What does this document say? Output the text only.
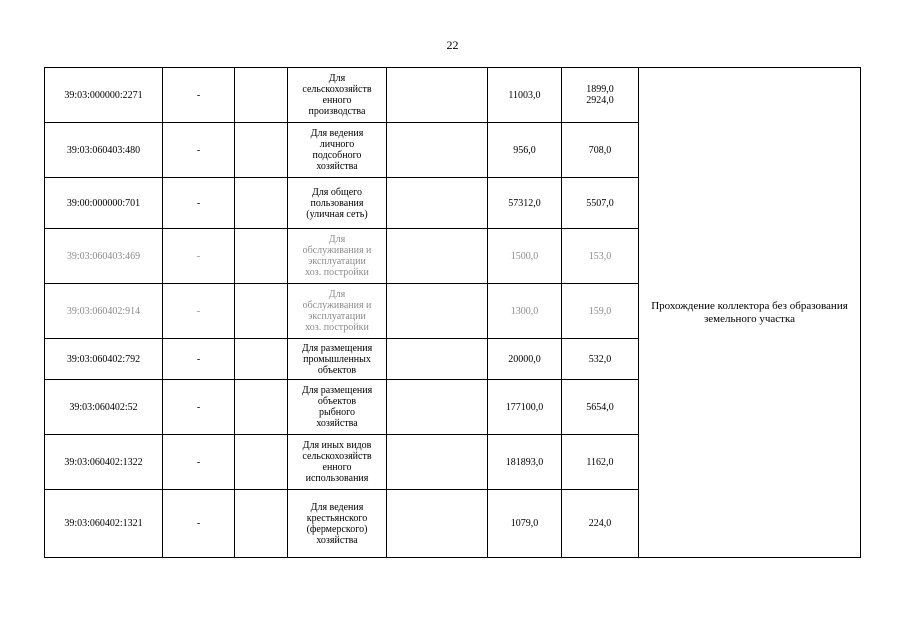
22
39:03:000000:2271	-		Для
сельскохозяйств
енного
производства		11003,0	1899,0
2924,0	Прохождение коллектора без образования земельного участка
39:03:060403:480	-		Для ведения
личного
подсобного
хозяйства		956,0	708,0	
39:00:000000:701	-		Для общего
пользования
(уличная сеть)		57312,0	5507,0	
39:03:060403:469	-		Для
обслуживания и
эксплуатации
хоз. постройки		1500,0	153,0	
39:03:060402:914	-		Для
обслуживания и
эксплуатации
хоз. постройки		1300,0	159,0	
39:03:060402:792	-		Для размещения
промышленных
объектов		20000,0	532,0	
39:03:060402:52	-		Для размещения
объектов
рыбного
хозяйства		177100,0	5654,0	
39:03:060402:1322	-		Для иных видов
сельскохозяйств
енного
использования		181893,0	1162,0	
39:03:060402:1321	-		Для ведения
крестьянского
(фермерского)
хозяйства		1079,0	224,0	
